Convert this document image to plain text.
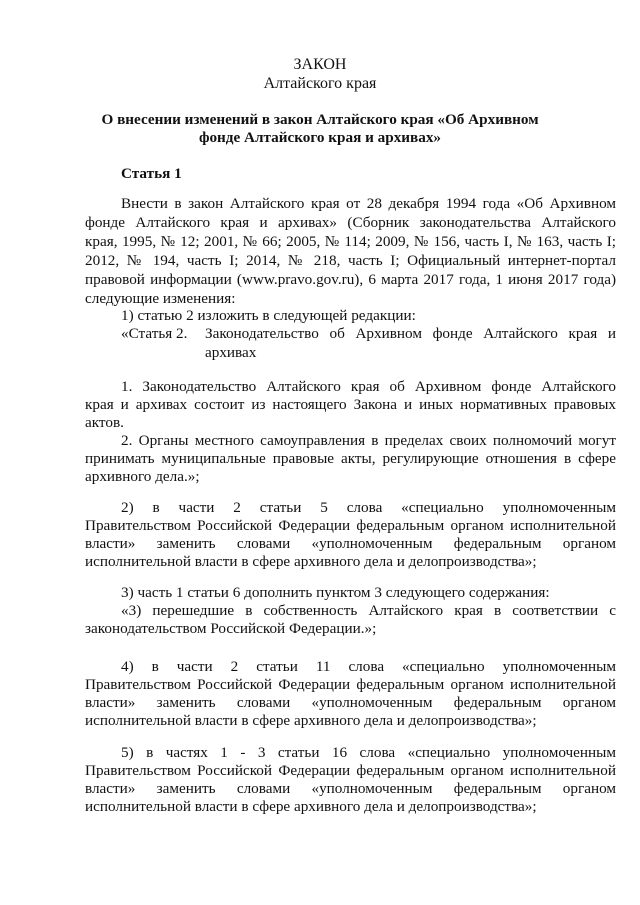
ЗАКОН

Алтайского края

О внесении изменений в закон Алтайского края «Об Архивном

фонде Алтайского края и архивах»

Статья 1

Внести в закон Алтайского края от 28 декабря 1994 года «Об Архивном

фонде Алтайского края и архивах» (Сборник законодательства Алтайского

края, 1995, № 12; 2001, № 66; 2005, № 114; 2009, № 156, часть I, № 163, часть I;

2012, № 194, часть I; 2014, № 218, часть I; Официальный интернет-портал

правовой информации (www.pravo.gov.ru), 6 марта 2017 года, 1 июня 2017 года)

следующие изменения:

1) статью 2 изложить в следующей редакции:

«Статья 2. Законодательство об Архивном фонде Алтайского края и

архивах

1. Законодательство Алтайского края об Архивном фонде Алтайского

края и архивах состоит из настоящего Закона и иных нормативных правовых

актов.

2. Органы местного самоуправления в пределах своих полномочий могут

принимать муниципальные правовые акты, регулирующие отношения в сфере

архивного дела.»;

2) в части 2 статьи 5 слова «специально уполномоченным

Правительством Российской Федерации федеральным органом исполнительной

власти» заменить словами «уполномоченным федеральным органом

исполнительной власти в сфере архивного дела и делопроизводства»;

3) часть 1 статьи 6 дополнить пунктом 3 следующего содержания:

«3) перешедшие в собственность Алтайского края в соответствии с

законодательством Российской Федерации.»;

4) в части 2 статьи 11 слова «специально уполномоченным

Правительством Российской Федерации федеральным органом исполнительной

власти» заменить словами «уполномоченным федеральным органом

исполнительной власти в сфере архивного дела и делопроизводства»;

5) в частях 1 - 3 статьи 16 слова «специально уполномоченным

Правительством Российской Федерации федеральным органом исполнительной

власти» заменить словами «уполномоченным федеральным органом

исполнительной власти в сфере архивного дела и делопроизводства»;
